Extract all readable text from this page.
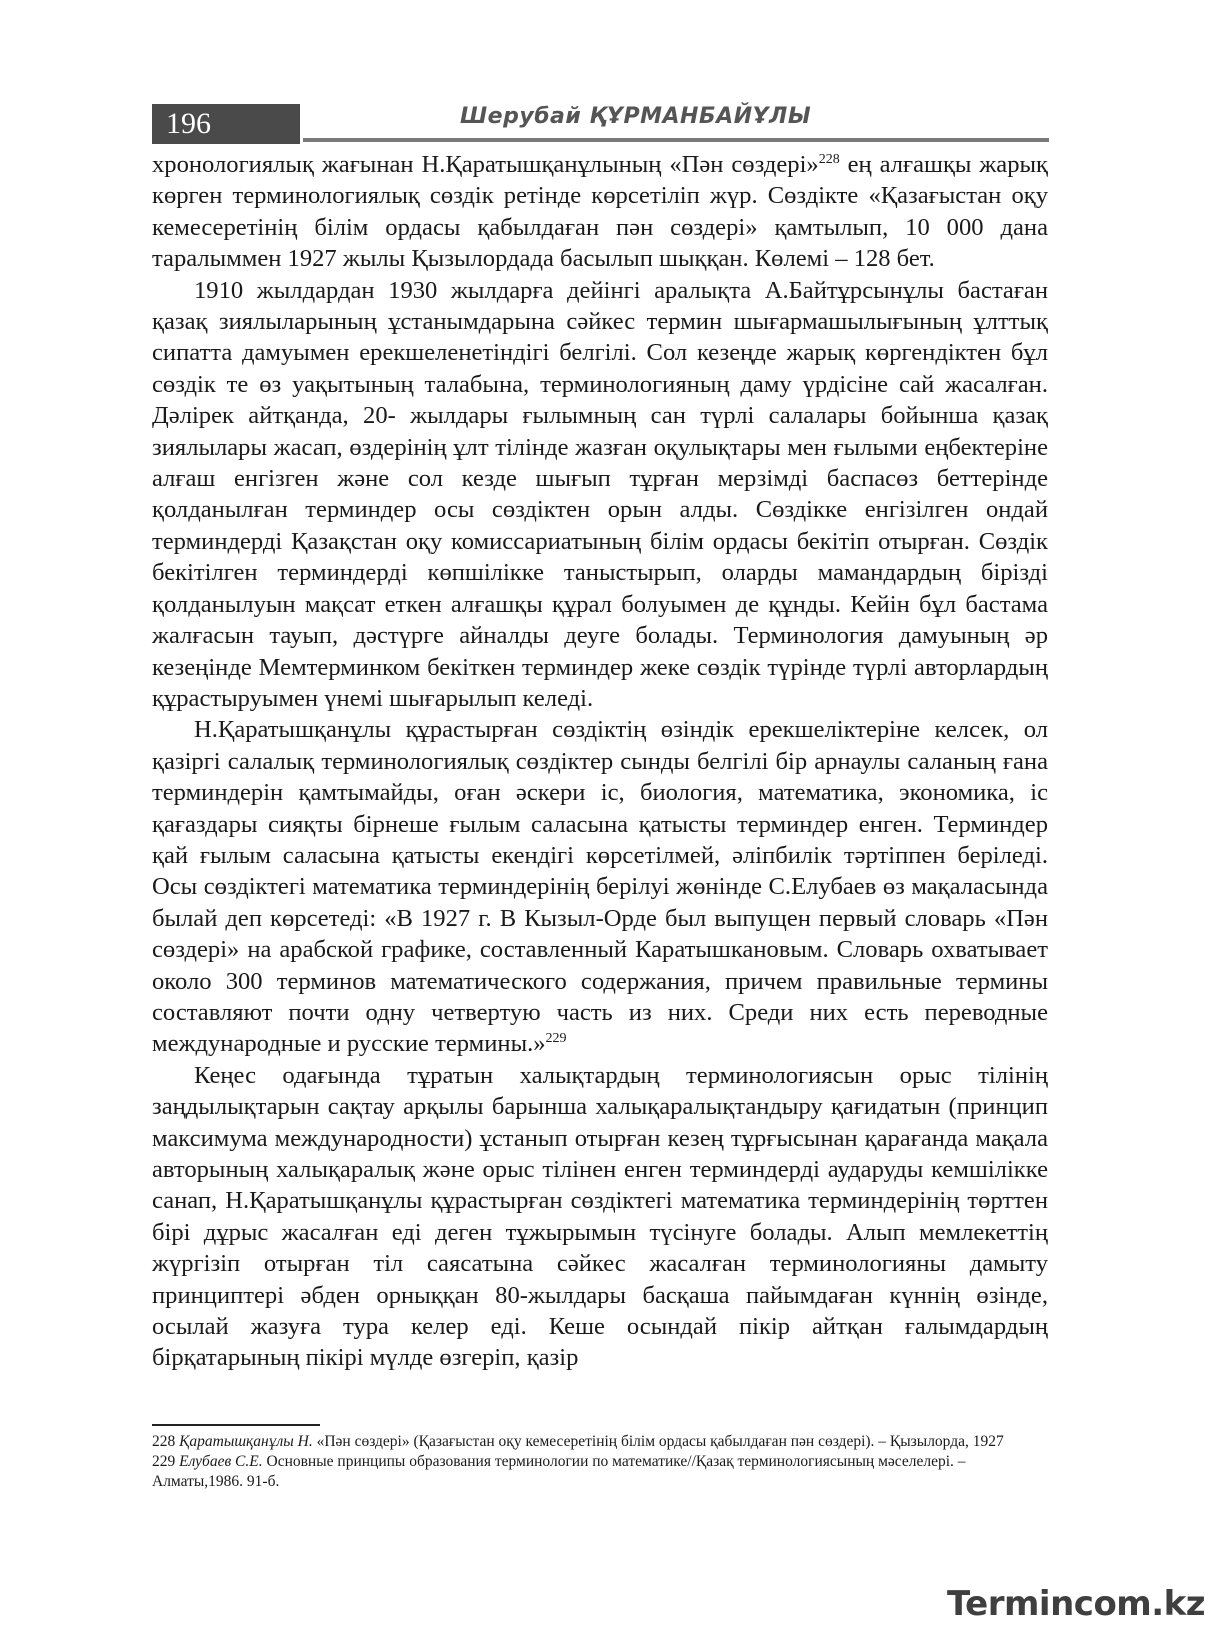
196	Шерубай ҚҰРМАНБАЙҰЛЫ

хронологиялық жағынан Н.Қаратышқанұлының «Пән сөздері»$^{228}$ ең алғашқы жарық көрген терминологиялық сөздік ретінде көрсетіліп жүр. Сөздікте «Қазағыстан оқу кемесеретінің білім ордасы қабылдаған пән сөздері» қамтылып, 10 000 дана таралыммен 1927 жылы Қызылордада басылып шыққан. Көлемі – 128 бет.

1910 жылдардан 1930 жылдарға дейінгі аралықта А.Байтұрсынұлы бастаған қазақ зиялыларының ұстанымдарына сәйкес термин шығармашылығының ұлттық сипатта дамуымен ерекшеленетіндігі белгілі. Сол кезеңде жарық көргендіктен бұл сөздік те өз уақытының талабына, терминологияның даму үрдісіне сай жасалған. Дәлірек айтқанда, 20- жылдары ғылымның сан түрлі салалары бойынша қазақ зиялылары жасап, өздерінің ұлт тілінде жазған оқулықтары мен ғылыми еңбектеріне алғаш енгізген және сол кезде шығып тұрған мерзімді баспасөз беттерінде қолданылған терминдер осы сөздіктен орын алды. Сөздікке енгізілген ондай терминдерді Қазақстан оқу комиссариатының білім ордасы бекітіп отырған. Сөздік бекітілген терминдерді көпшілікке таныстырып, оларды мамандардың бірізді қолданылуын мақсат еткен алғашқы құрал болуымен де құнды. Кейін бұл бастама жалғасын тауып, дәстүрге айналды деуге болады. Терминология дамуының әр кезеңінде Мемтерминком бекіткен терминдер жеке сөздік түрінде түрлі авторлардың құрастыруымен үнемі шығарылып келеді.

Н.Қаратышқанұлы құрастырған сөздіктің өзіндік ерекшеліктеріне келсек, ол қазіргі салалық терминологиялық сөздіктер сынды белгілі бір арнаулы саланың ғана терминдерін қамтымайды, оған әскери іс, биология, математика, экономика, іс қағаздары сияқты бірнеше ғылым саласына қатысты терминдер енген. Терминдер қай ғылым саласына қатысты екендігі көрсетілмей, әліпбилік тәртіппен беріледі. Осы сөздіктегі математика терминдерінің берілуі жөнінде С.Елубаев өз мақаласында былай деп көрсетеді: «В 1927 г. В Кызыл-Орде был выпущен первый словарь «Пән сөздері» на арабской графике, составленный Каратышкановым. Словарь охватывает около 300 терминов математического содержания, причем правильные термины составляют почти одну четвертую часть из них. Среди них есть переводные международные и русские термины.»$^{229}$

Кеңес одағында тұратын халықтардың терминологиясын орыс тілінің заңдылықтарын сақтау арқылы барынша халықаралықтандыру қағидатын (принцип максимума международности) ұстанып отырған кезең тұрғысынан қарағанда мақала авторының халықаралық және орыс тілінен енген терминдерді аударуды кемшілікке санап, Н.Қаратышқанұлы құрастырған сөздіктегі математика терминдерінің төрттен бірі дұрыс жасалған еді деген тұжырымын түсінуге болады. Алып мемлекеттің жүргізіп отырған тіл саясатына сәйкес жасалған терминологияны дамыту принциптері әбден орныққан 80-жылдары басқаша пайымдаған күннің өзінде, осылай жазуға тура келер еді. Кеше осындай пікір айтқан ғалымдардың бірқатарының пікірі мүлде өзгеріп, қазір

228 Қаратышқанұлы Н. «Пән сөздері» (Қазағыстан оқу кемесеретінің білім ордасы қабылдаған пән сөздері). – Қызылорда, 1927

229 Елубаев С.Е. Основные принципы образования терминологии по математике//Қазақ терминологиясының мәселелері. –Алматы,1986. 91-б.

Termincom.kz
